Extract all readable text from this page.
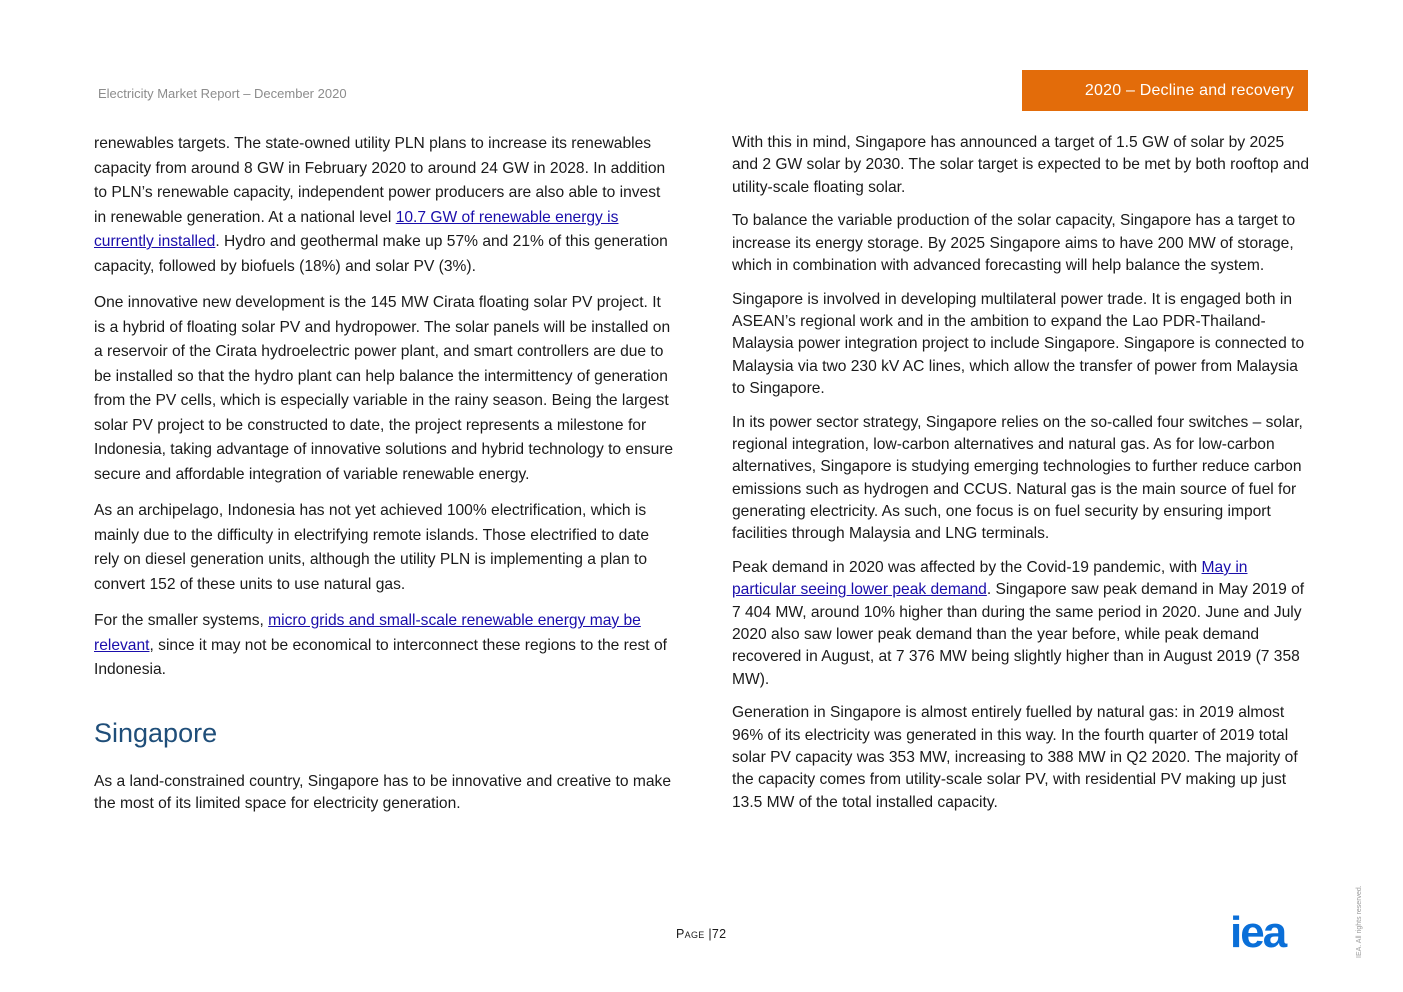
Electricity Market Report – December 2020	2020 – Decline and recovery

renewables targets. The state-owned utility PLN plans to increase its renewables capacity from around 8 GW in February 2020 to around 24 GW in 2028. In addition to PLN’s renewable capacity, independent power producers are also able to invest in renewable generation. At a national level 10.7 GW of renewable energy is currently installed. Hydro and geothermal make up 57% and 21% of this generation capacity, followed by biofuels (18%) and solar PV (3%).

One innovative new development is the 145 MW Cirata floating solar PV project. It is a hybrid of floating solar PV and hydropower. The solar panels will be installed on a reservoir of the Cirata hydroelectric power plant, and smart controllers are due to be installed so that the hydro plant can help balance the intermittency of generation from the PV cells, which is especially variable in the rainy season. Being the largest solar PV project to be constructed to date, the project represents a milestone for Indonesia, taking advantage of innovative solutions and hybrid technology to ensure secure and affordable integration of variable renewable energy.

As an archipelago, Indonesia has not yet achieved 100% electrification, which is mainly due to the difficulty in electrifying remote islands. Those electrified to date rely on diesel generation units, although the utility PLN is implementing a plan to convert 152 of these units to use natural gas.

For the smaller systems, micro grids and small-scale renewable energy may be relevant, since it may not be economical to interconnect these regions to the rest of Indonesia.

Singapore

As a land-constrained country, Singapore has to be innovative and creative to make the most of its limited space for electricity generation.

With this in mind, Singapore has announced a target of 1.5 GW of solar by 2025 and 2 GW solar by 2030. The solar target is expected to be met by both rooftop and utility-scale floating solar.

To balance the variable production of the solar capacity, Singapore has a target to increase its energy storage. By 2025 Singapore aims to have 200 MW of storage, which in combination with advanced forecasting will help balance the system.

Singapore is involved in developing multilateral power trade. It is engaged both in ASEAN’s regional work and in the ambition to expand the Lao PDR-Thailand-Malaysia power integration project to include Singapore. Singapore is connected to Malaysia via two 230 kV AC lines, which allow the transfer of power from Malaysia to Singapore.

In its power sector strategy, Singapore relies on the so-called four switches – solar, regional integration, low-carbon alternatives and natural gas. As for low-carbon alternatives, Singapore is studying emerging technologies to further reduce carbon emissions such as hydrogen and CCUS. Natural gas is the main source of fuel for generating electricity. As such, one focus is on fuel security by ensuring import facilities through Malaysia and LNG terminals.

Peak demand in 2020 was affected by the Covid-19 pandemic, with May in particular seeing lower peak demand. Singapore saw peak demand in May 2019 of 7 404 MW, around 10% higher than during the same period in 2020. June and July 2020 also saw lower peak demand than the year before, while peak demand recovered in August, at 7 376 MW being slightly higher than in August 2019 (7 358 MW).

Generation in Singapore is almost entirely fuelled by natural gas: in 2019 almost 96% of its electricity was generated in this way. In the fourth quarter of 2019 total solar PV capacity was 353 MW, increasing to 388 MW in Q2 2020. The majority of the capacity comes from utility-scale solar PV, with residential PV making up just 13.5 MW of the total installed capacity.

Page |72	iea	IEA. All rights reserved.
